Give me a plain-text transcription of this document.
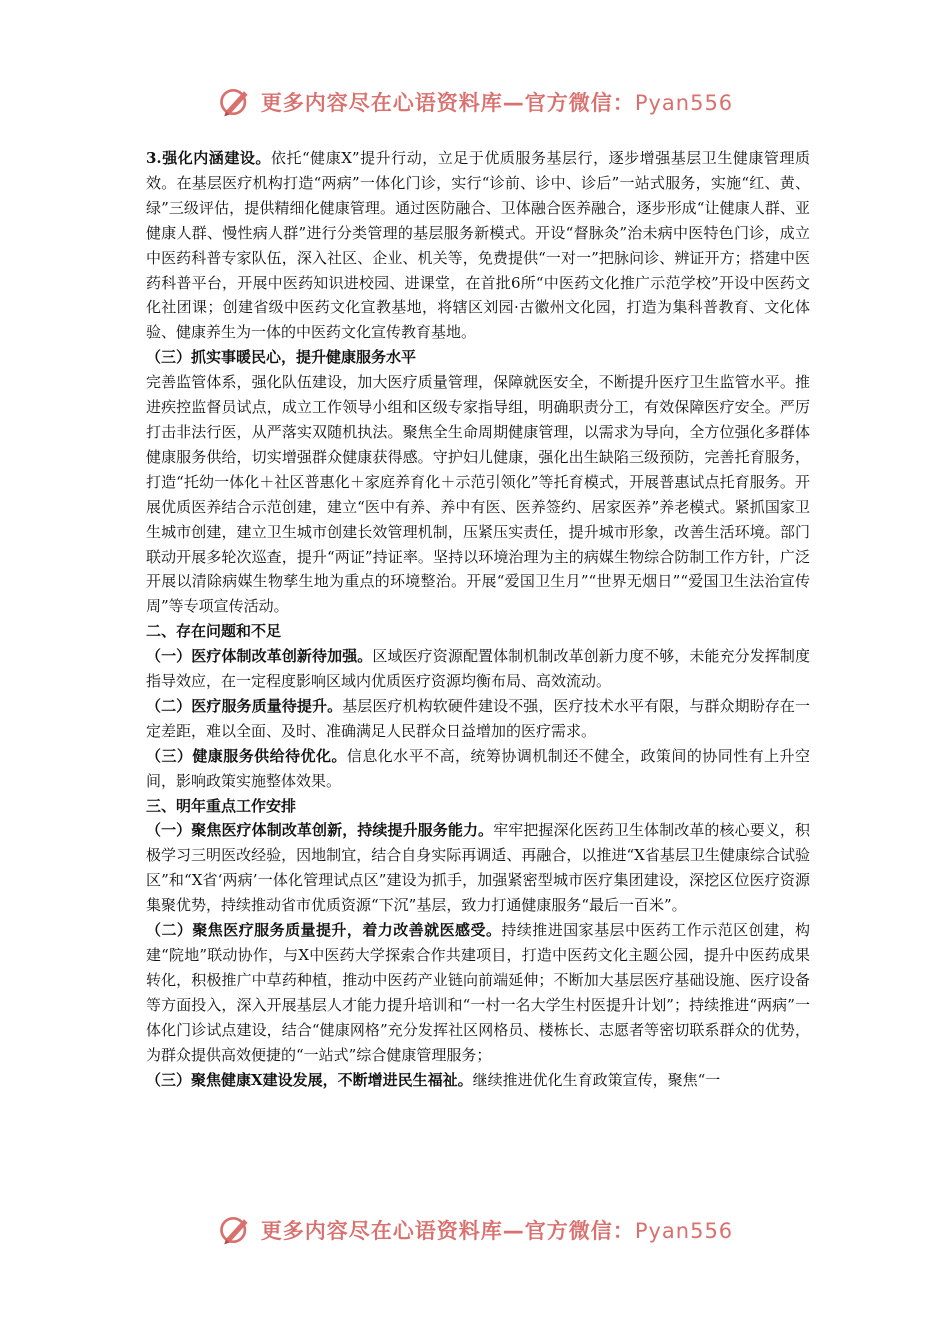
更多内容尽在心语资料库—官方微信：Pyan556

3.强化内涵建设。依托“健康X”提升行动，立足于优质服务基层行，逐步增强基层卫生健康管理质效。在基层医疗机构打造“两病”一体化门诊，实行“诊前、诊中、诊后”一站式服务，实施“红、黄、绿”三级评估，提供精细化健康管理。通过医防融合、卫体融合医养融合，逐步形成“让健康人群、亚健康人群、慢性病人群”进行分类管理的基层服务新模式。开设“督脉灸”治未病中医特色门诊，成立中医药科普专家队伍，深入社区、企业、机关等，免费提供“一对一”把脉问诊、辨证开方；搭建中医药科普平台，开展中医药知识进校园、进课堂，在首批6所“中医药文化推广示范学校”开设中医药文化社团课；创建省级中医药文化宣教基地，将辖区刘园·古徽州文化园，打造为集科普教育、文化体验、健康养生为一体的中医药文化宣传教育基地。

（三）抓实事暖民心，提升健康服务水平

完善监管体系，强化队伍建设，加大医疗质量管理，保障就医安全，不断提升医疗卫生监管水平。推进疾控监督员试点，成立工作领导小组和区级专家指导组，明确职责分工，有效保障医疗安全。严厉打击非法行医，从严落实双随机执法。聚焦全生命周期健康管理，以需求为导向，全方位强化多群体健康服务供给，切实增强群众健康获得感。守护妇儿健康，强化出生缺陷三级预防，完善托育服务，打造“托幼一体化＋社区普惠化＋家庭养育化＋示范引领化”等托育模式，开展普惠试点托育服务。开展优质医养结合示范创建，建立“医中有养、养中有医、医养签约、居家医养”养老模式。紧抓国家卫生城市创建，建立卫生城市创建长效管理机制，压紧压实责任，提升城市形象，改善生活环境。部门联动开展多轮次巡查，提升“两证”持证率。坚持以环境治理为主的病媒生物综合防制工作方针，广泛开展以清除病媒生物孳生地为重点的环境整治。开展“爱国卫生月”“世界无烟日”“爱国卫生法治宣传周”等专项宣传活动。

二、存在问题和不足

（一）医疗体制改革创新待加强。区域医疗资源配置体制机制改革创新力度不够，未能充分发挥制度指导效应，在一定程度影响区域内优质医疗资源均衡布局、高效流动。

（二）医疗服务质量待提升。基层医疗机构软硬件建设不强，医疗技术水平有限，与群众期盼存在一定差距，难以全面、及时、准确满足人民群众日益增加的医疗需求。

（三）健康服务供给待优化。信息化水平不高，统筹协调机制还不健全，政策间的协同性有上升空间，影响政策实施整体效果。

三、明年重点工作安排

（一）聚焦医疗体制改革创新，持续提升服务能力。牢牢把握深化医药卫生体制改革的核心要义，积极学习三明医改经验，因地制宜，结合自身实际再调适、再融合，以推进“X省基层卫生健康综合试验区”和“X省‘两病’一体化管理试点区”建设为抓手，加强紧密型城市医疗集团建设，深挖区位医疗资源集聚优势，持续推动省市优质资源“下沉”基层，致力打通健康服务“最后一百米”。

（二）聚焦医疗服务质量提升，着力改善就医感受。持续推进国家基层中医药工作示范区创建，构建“院地”联动协作，与X中医药大学探索合作共建项目，打造中医药文化主题公园，提升中医药成果转化，积极推广中草药种植，推动中医药产业链向前端延伸；不断加大基层医疗基础设施、医疗设备等方面投入，深入开展基层人才能力提升培训和“一村一名大学生村医提升计划”；持续推进“两病”一体化门诊试点建设，结合“健康网格”充分发挥社区网格员、楼栋长、志愿者等密切联系群众的优势，为群众提供高效便捷的“一站式”综合健康管理服务；

（三）聚焦健康X建设发展，不断增进民生福祉。继续推进优化生育政策宣传，聚焦“一

更多内容尽在心语资料库—官方微信：Pyan556
